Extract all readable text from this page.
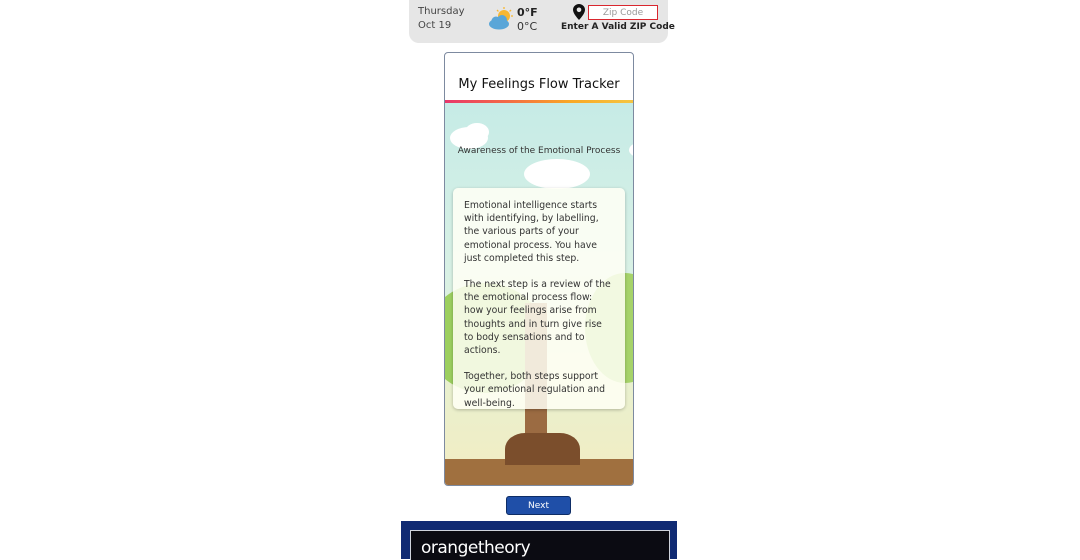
Thursday
Oct 19
0°F
0°C
Zip Code	Enter A Valid ZIP Code
My Feelings Flow Tracker
Awareness of the Emotional Process

Emotional intelligence starts with identifying, by labelling, the various parts of your emotional process. You have just completed this step.

The next step is a review of the the emotional process flow: how your feelings arise from thoughts and in turn give rise to body sensations and to actions.

Together, both steps support your emotional regulation and well-being.

Next
orangetheory
